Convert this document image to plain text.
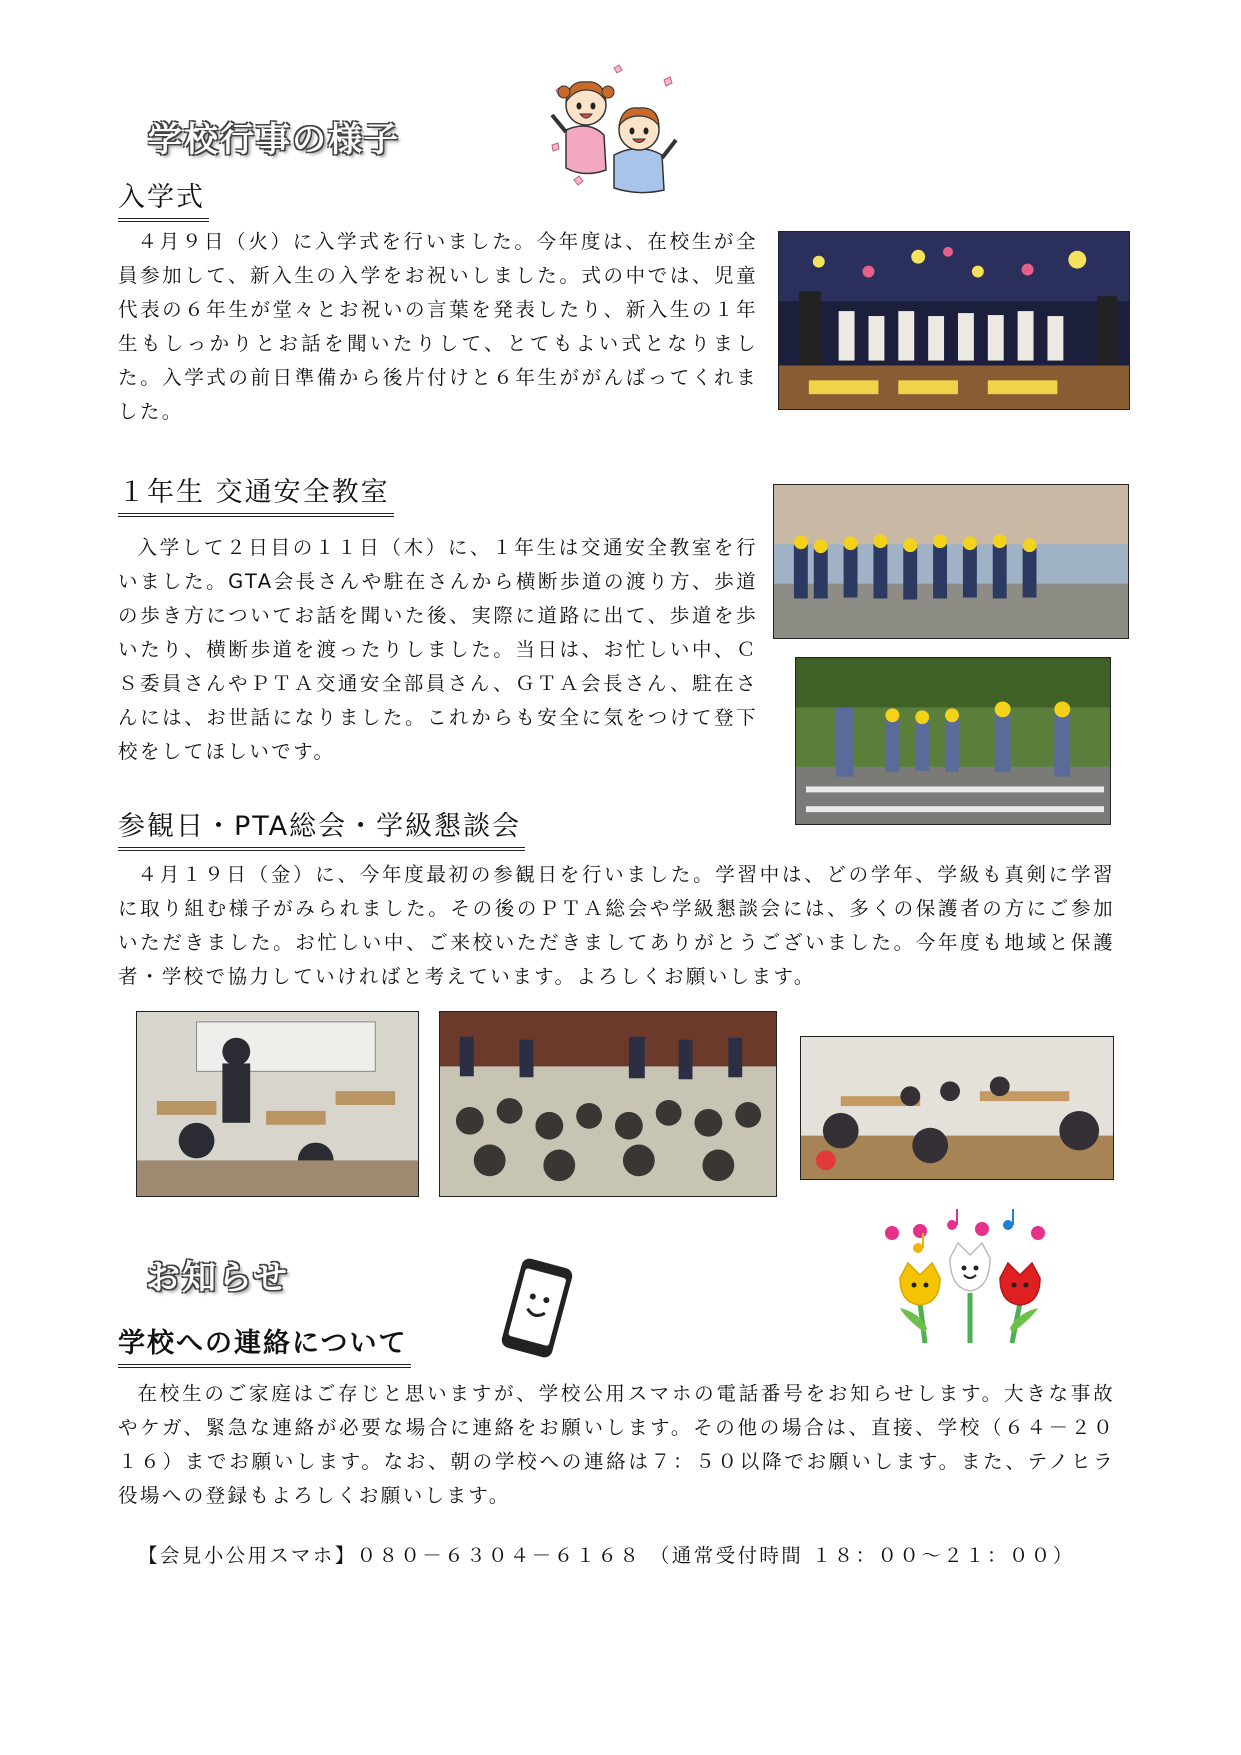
学校行事の様子
入学式
４月９日（火）に入学式を行いました。今年度は、在校生が全員参加して、新入生の入学をお祝いしました。式の中では、児童代表の６年生が堂々とお祝いの言葉を発表したり、新入生の１年生もしっかりとお話を聞いたりして、とてもよい式となりました。入学式の前日準備から後片付けと６年生ががんばってくれました。
１年生 交通安全教室
入学して２日目の１１日（木）に、１年生は交通安全教室を行いました。GTA会長さんや駐在さんから横断歩道の渡り方、歩道の歩き方についてお話を聞いた後、実際に道路に出て、歩道を歩いたり、横断歩道を渡ったりしました。当日は、お忙しい中、ＣＳ委員さんやＰＴＡ交通安全部員さん、ＧＴＡ会長さん、駐在さんには、お世話になりました。これからも安全に気をつけて登下校をしてほしいです。
参観日・PTA総会・学級懇談会
４月１９日（金）に、今年度最初の参観日を行いました。学習中は、どの学年、学級も真剣に学習に取り組む様子がみられました。その後のＰＴＡ総会や学級懇談会には、多くの保護者の方にご参加いただきました。お忙しい中、ご来校いただきましてありがとうございました。今年度も地域と保護者・学校で協力していければと考えています。よろしくお願いします。
お知らせ
学校への連絡について
在校生のご家庭はご存じと思いますが、学校公用スマホの電話番号をお知らせします。大きな事故やケガ、緊急な連絡が必要な場合に連絡をお願いします。その他の場合は、直接、学校（６４－２０１６）までお願いします。なお、朝の学校への連絡は７：５０以降でお願いします。また、テノヒラ役場への登録もよろしくお願いします。
【会見小公用スマホ】０８０－６３０４－６１６８ （通常受付時間 １８：００～２１：００）
